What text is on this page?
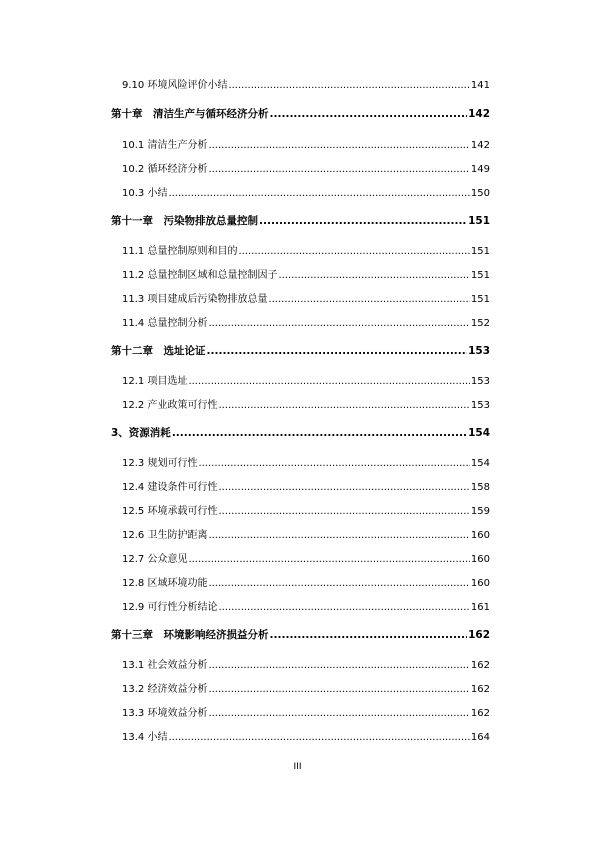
9.10 环境风险评价小结 .....	141
第十章　清洁生产与循环经济分析 .....	142
10.1 清洁生产分析 .....	142
10.2 循环经济分析 .....	149
10.3 小结 .....	150
第十一章　污染物排放总量控制 .....	151
11.1 总量控制原则和目的 .....	151
11.2 总量控制区域和总量控制因子 .....	151
11.3 项目建成后污染物排放总量 .....	151
11.4 总量控制分析 .....	152
第十二章　选址论证 .....	153
12.1 项目选址 .....	153
12.2 产业政策可行性 .....	153
3、资源消耗 .....	154
12.3 规划可行性 .....	154
12.4 建设条件可行性 .....	158
12.5 环境承载可行性 .....	159
12.6 卫生防护距离 .....	160
12.7 公众意见 .....	160
12.8 区域环境功能 .....	160
12.9 可行性分析结论 .....	161
第十三章　环境影响经济损益分析 .....	162
13.1 社会效益分析 .....	162
13.2 经济效益分析 .....	162
13.3 环境效益分析 .....	162
13.4 小结 .....	164
III
